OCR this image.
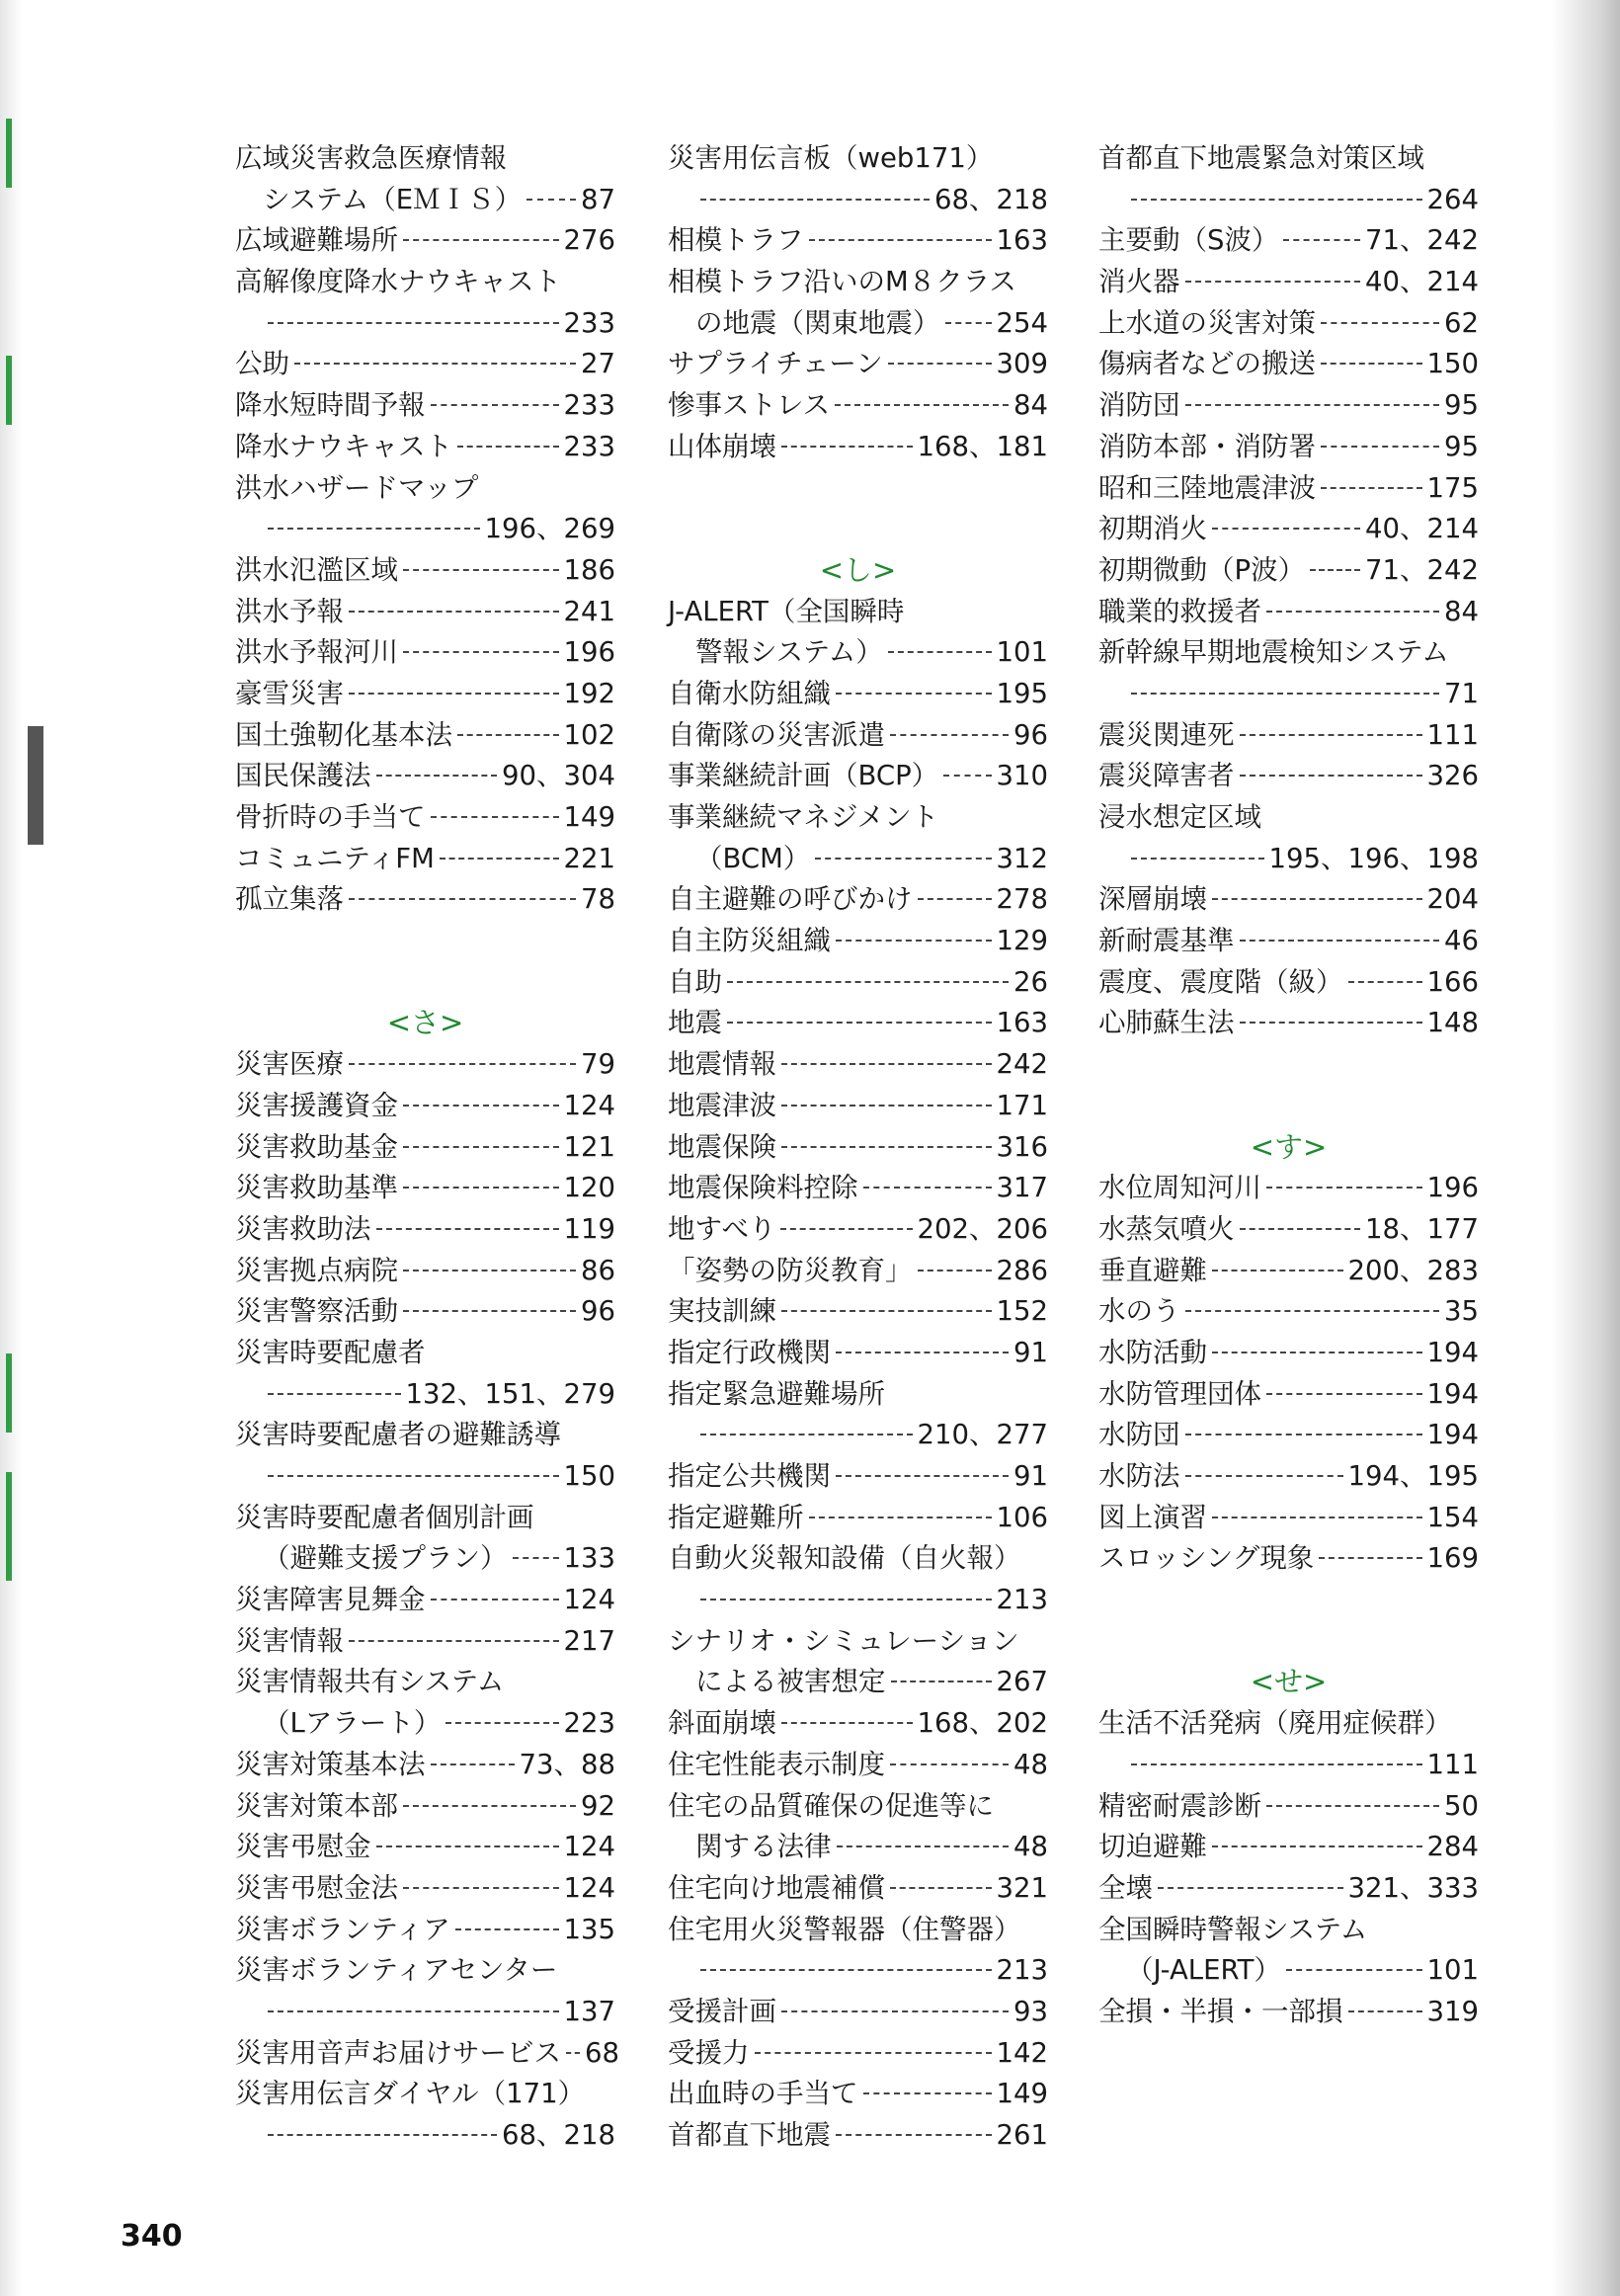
広域災害救急医療情報
システム（EＭＩＳ） 87
広域避難場所	276
高解像度降水ナウキャスト
233
公助	27
降水短時間予報	233
降水ナウキャスト	233
洪水ハザードマップ
196、269
洪水氾濫区域	186
洪水予報	241
洪水予報河川	196
豪雪災害	192
国土強靭化基本法	102
国民保護法	90、304
骨折時の手当て	149
コミュニティFM	221
孤立集落	78
<さ>
災害医療	79
災害援護資金	124
災害救助基金	121
災害救助基準	120
災害救助法	119
災害拠点病院	86
災害警察活動	96
災害時要配慮者
132、151、279
災害時要配慮者の避難誘導
150
災害時要配慮者個別計画
（避難支援プラン） 133
災害障害見舞金	124
災害情報	217
災害情報共有システム
（Lアラート）	223
災害対策基本法	73、88
災害対策本部	92
災害弔慰金	124
災害弔慰金法	124
災害ボランティア	135
災害ボランティアセンター
137
災害用音声お届けサービス 68
災害用伝言ダイヤル（171）
68、218
災害用伝言板（web171）
68、218
相模トラフ	163
相模トラフ沿いのM８クラス
の地震（関東地震） 254
サプライチェーン	309
惨事ストレス	84
山体崩壊	168、181
<し>
J-ALERT（全国瞬時
警報システム）	101
自衛水防組織	195
自衛隊の災害派遣	96
事業継続計画（BCP） 310
事業継続マネジメント
（BCM）	312
自主避難の呼びかけ	278
自主防災組織	129
自助	26
地震	163
地震情報	242
地震津波	171
地震保険	316
地震保険料控除	317
地すべり	202、206
「姿勢の防災教育」	286
実技訓練	152
指定行政機関	91
指定緊急避難場所
210、277
指定公共機関	91
指定避難所	106
自動火災報知設備（自火報）
213
シナリオ・シミュレーション
による被害想定	267
斜面崩壊	168、202
住宅性能表示制度	48
住宅の品質確保の促進等に
関する法律	48
住宅向け地震補償	321
住宅用火災警報器（住警器）
213
受援計画	93
受援力	142
出血時の手当て	149
首都直下地震	261
首都直下地震緊急対策区域
264
主要動（S波）	71、242
消火器	40、214
上水道の災害対策	62
傷病者などの搬送	150
消防団	95
消防本部・消防署	95
昭和三陸地震津波	175
初期消火	40、214
初期微動（P波） 71、242
職業的救援者	84
新幹線早期地震検知システム
71
震災関連死	111
震災障害者	326
浸水想定区域
195、196、198
深層崩壊	204
新耐震基準	46
震度、震度階（級）	166
心肺蘇生法	148
<す>
水位周知河川	196
水蒸気噴火	18、177
垂直避難	200、283
水のう	35
水防活動	194
水防管理団体	194
水防団	194
水防法	194、195
図上演習	154
スロッシング現象	169
<せ>
生活不活発病（廃用症候群）
111
精密耐震診断	50
切迫避難	284
全壊	321、333
全国瞬時警報システム
（J-ALERT）	101
全損・半損・一部損	319
340
